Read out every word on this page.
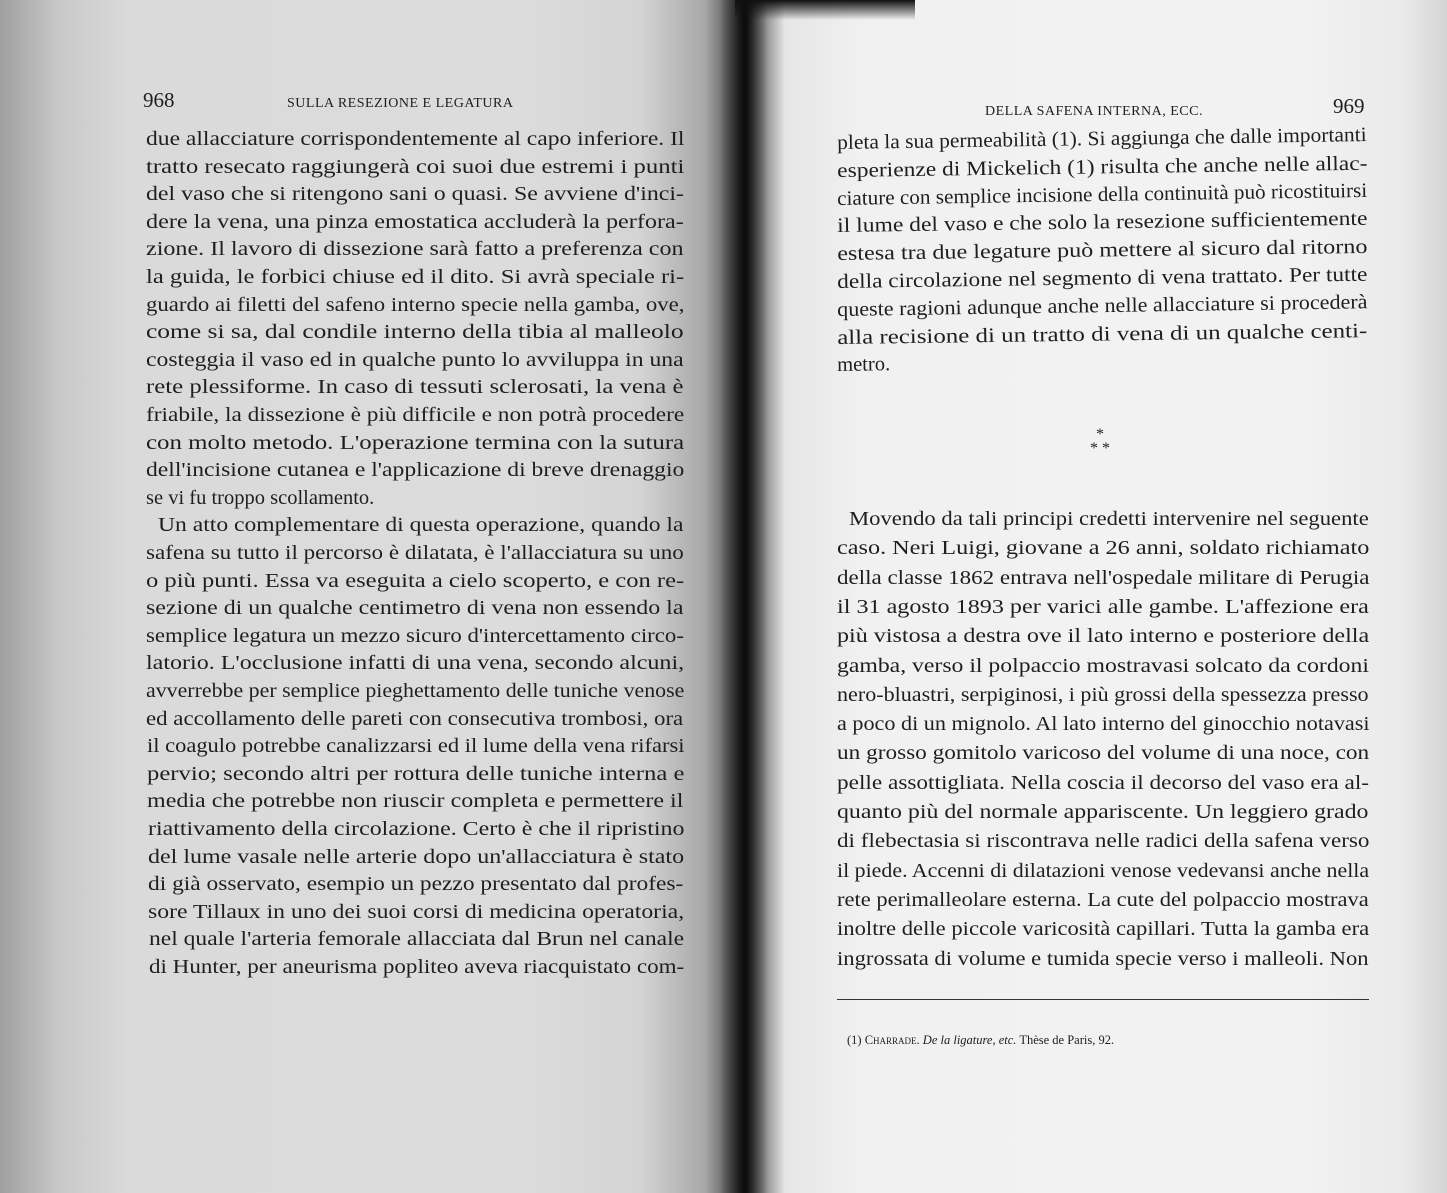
968	SULLA RESEZIONE E LEGATURA
due allacciature corrispondentemente al capo inferiore. Il
tratto resecato raggiungerà coi suoi due estremi i punti
del vaso che si ritengono sani o quasi. Se avviene d'inci-
dere la vena, una pinza emostatica accluderà la perfora-
zione. Il lavoro di dissezione sarà fatto a preferenza con
la guida, le forbici chiuse ed il dito. Si avrà speciale ri-
guardo ai filetti del safeno interno specie nella gamba, ove,
come si sa, dal condile interno della tibia al malleolo
costeggia il vaso ed in qualche punto lo avviluppa in una
rete plessiforme. In caso di tessuti sclerosati, la vena è
friabile, la dissezione è più difficile e non potrà procedere
con molto metodo. L'operazione termina con la sutura
dell'incisione cutanea e l'applicazione di breve drenaggio
se vi fu troppo scollamento.
Un atto complementare di questa operazione, quando la
safena su tutto il percorso è dilatata, è l'allacciatura su uno
o più punti. Essa va eseguita a cielo scoperto, e con re-
sezione di un qualche centimetro di vena non essendo la
semplice legatura un mezzo sicuro d'intercettamento circo-
latorio. L'occlusione infatti di una vena, secondo alcuni,
avverrebbe per semplice pieghettamento delle tuniche venose
ed accollamento delle pareti con consecutiva trombosi, ora
il coagulo potrebbe canalizzarsi ed il lume della vena rifarsi
pervio; secondo altri per rottura delle tuniche interna e
media che potrebbe non riuscir completa e permettere il
riattivamento della circolazione. Certo è che il ripristino
del lume vasale nelle arterie dopo un'allacciatura è stato
di già osservato, esempio un pezzo presentato dal profes-
sore Tillaux in uno dei suoi corsi di medicina operatoria,
nel quale l'arteria femorale allacciata dal Brun nel canale
di Hunter, per aneurisma popliteo aveva riacquistato com-
DELLA SAFENA INTERNA, ECC.	969
pleta la sua permeabilità (1). Si aggiunga che dalle importanti
esperienze di Mickelich (1) risulta che anche nelle allac-
ciature con semplice incisione della continuità può ricostituirsi
il lume del vaso e che solo la resezione sufficientemente
estesa tra due legature può mettere al sicuro dal ritorno
della circolazione nel segmento di vena trattato. Per tutte
queste ragioni adunque anche nelle allacciature si procederà
alla recisione di un tratto di vena di un qualche centi-
metro.
*
* *
Movendo da tali principi credetti intervenire nel seguente
caso. Neri Luigi, giovane a 26 anni, soldato richiamato
della classe 1862 entrava nell'ospedale militare di Perugia
il 31 agosto 1893 per varici alle gambe. L'affezione era
più vistosa a destra ove il lato interno e posteriore della
gamba, verso il polpaccio mostravasi solcato da cordoni
nero-bluastri, serpiginosi, i più grossi della spessezza presso
a poco di un mignolo. Al lato interno del ginocchio notavasi
un grosso gomitolo varicoso del volume di una noce, con
pelle assottigliata. Nella coscia il decorso del vaso era al-
quanto più del normale appariscente. Un leggiero grado
di flebectasia si riscontrava nelle radici della safena verso
il piede. Accenni di dilatazioni venose vedevansi anche nella
rete perimalleolare esterna. La cute del polpaccio mostrava
inoltre delle piccole varicosità capillari. Tutta la gamba era
ingrossata di volume e tumida specie verso i malleoli. Non
(1) Charrade. De la ligature, etc. Thèse de Paris, 92.
